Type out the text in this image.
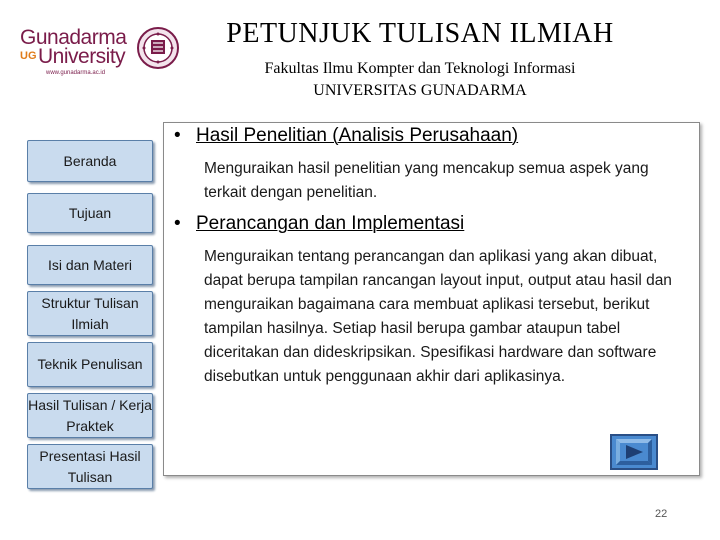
Gunadarma
UG University
www.gunadarma.ac.id
PETUNJUK TULISAN ILMIAH
Fakultas Ilmu Kompter dan Teknologi Informasi
UNIVERSITAS GUNADARMA
Beranda
Tujuan
Isi dan Materi
Struktur Tulisan Ilmiah
Teknik Penulisan
Hasil Tulisan / Kerja Praktek
Presentasi Hasil Tulisan
• Hasil Penelitian (Analisis Perusahaan)
Menguraikan hasil penelitian yang mencakup semua aspek yang terkait dengan penelitian.
• Perancangan dan Implementasi
Menguraikan tentang perancangan dan aplikasi yang akan dibuat, dapat berupa tampilan rancangan layout input, output atau hasil dan menguraikan bagaimana cara membuat aplikasi tersebut, berikut tampilan hasilnya. Setiap hasil berupa gambar ataupun tabel diceritakan dan dideskripsikan. Spesifikasi hardware dan software disebutkan untuk penggunaan akhir dari aplikasinya.
22
